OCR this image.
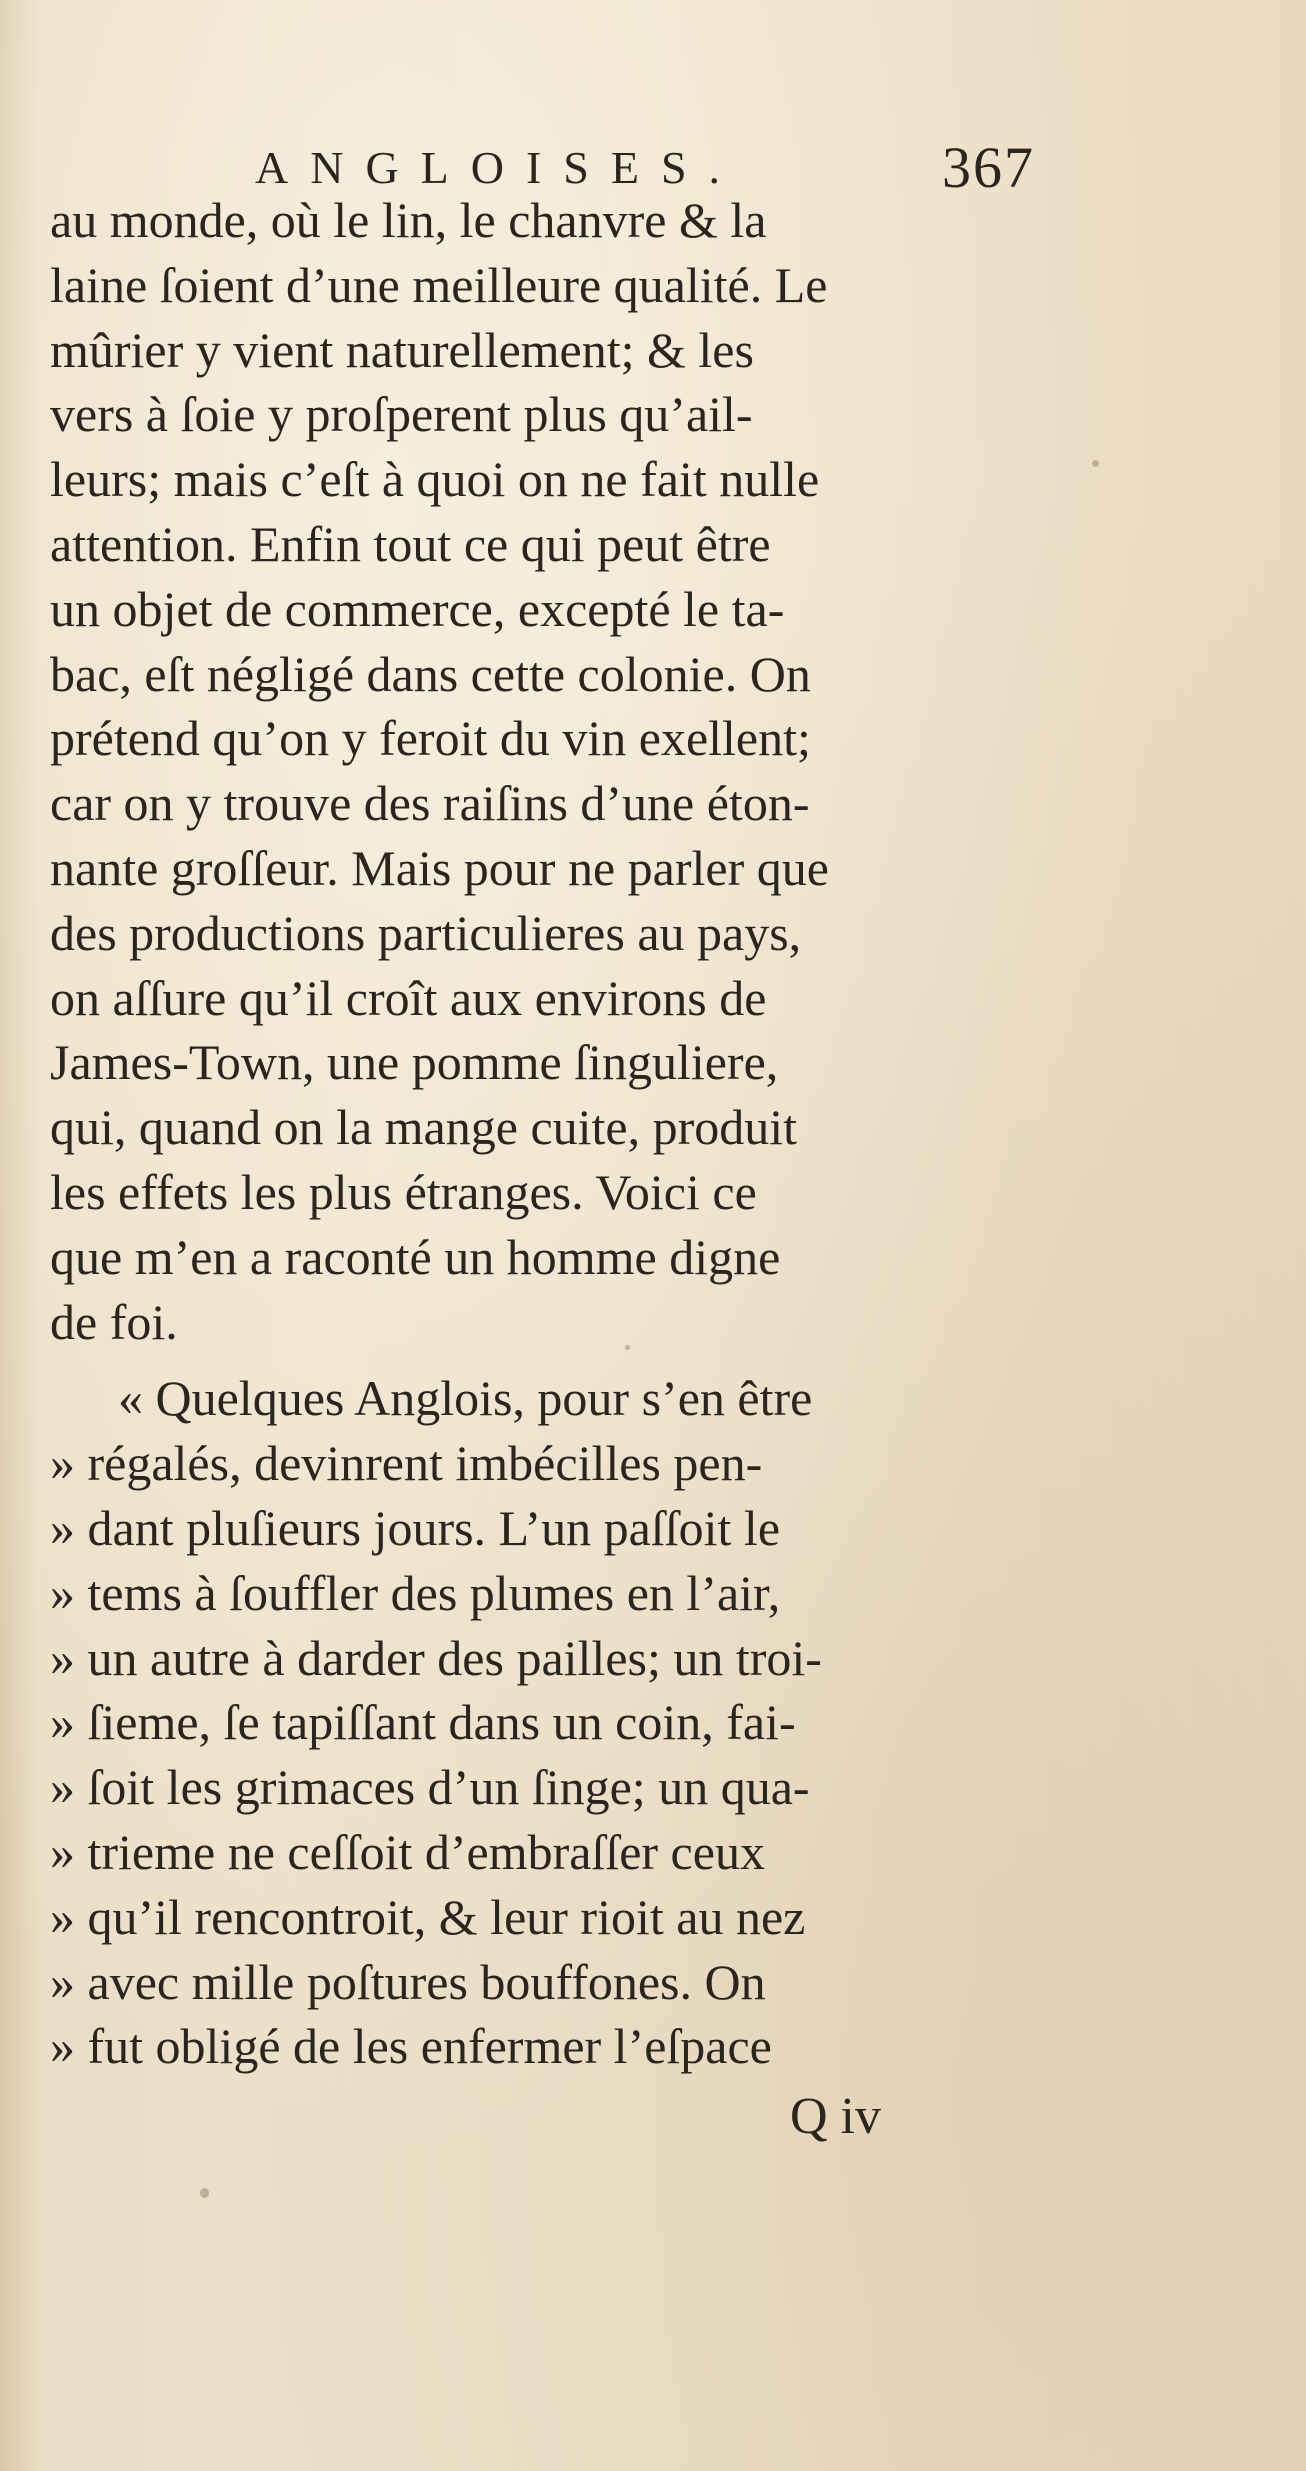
ANGLOISES.	367
au monde, où le lin, le chanvre & la
laine ſoient d’une meilleure qualité. Le
mûrier y vient naturellement; & les
vers à ſoie y proſperent plus qu’ail-
leurs; mais c’eſt à quoi on ne fait nulle
attention. Enfin tout ce qui peut être
un objet de commerce, excepté le ta-
bac, eſt négligé dans cette colonie. On
prétend qu’on y feroit du vin exellent;
car on y trouve des raiſins d’une éton-
nante groſſeur. Mais pour ne parler que
des productions particulieres au pays,
on aſſure qu’il croît aux environs de
James-Town, une pomme ſinguliere,
qui, quand on la mange cuite, produit
les effets les plus étranges. Voici ce
que m’en a raconté un homme digne
de foi.
« Quelques Anglois, pour s’en être
» régalés, devinrent imbécilles pen-
» dant pluſieurs jours. L’un paſſoit le
» tems à ſouffler des plumes en l’air,
» un autre à darder des pailles; un troi-
» ſieme, ſe tapiſſant dans un coin, fai-
» ſoit les grimaces d’un ſinge; un qua-
» trieme ne ceſſoit d’embraſſer ceux
» qu’il rencontroit, & leur rioit au nez
» avec mille poſtures bouffones. On
» fut obligé de les enfermer l’eſpace
Q iv
